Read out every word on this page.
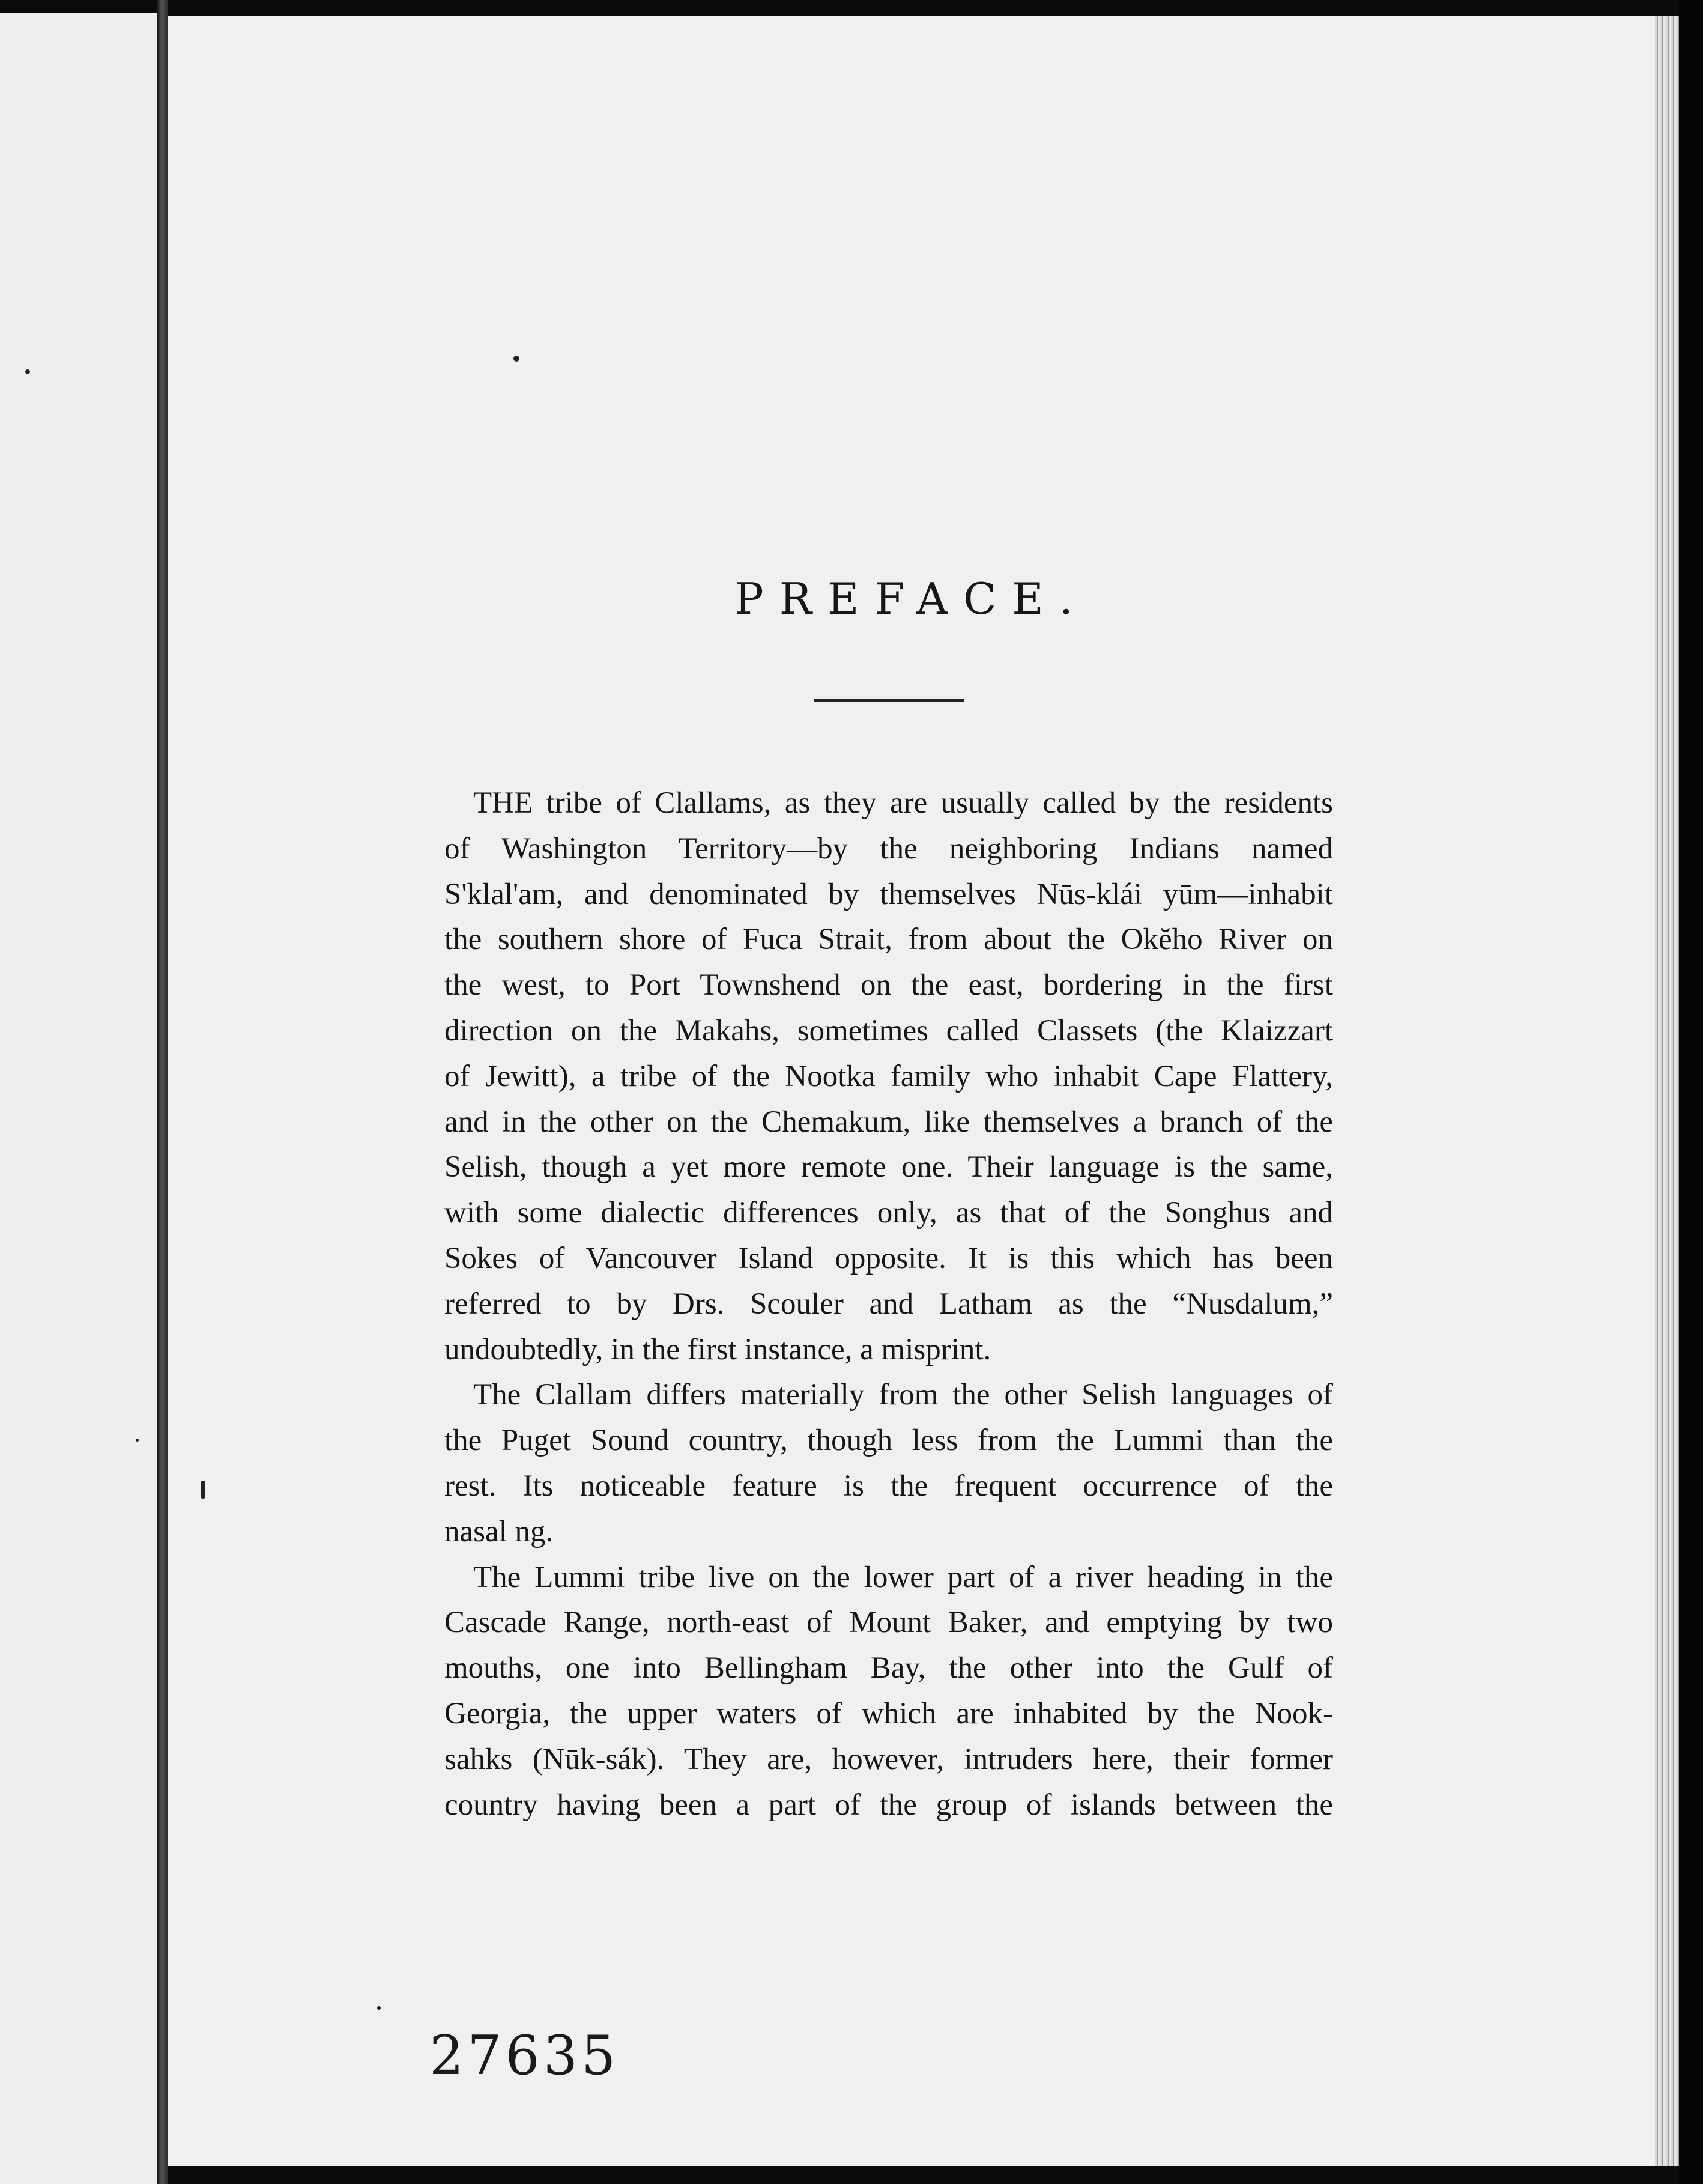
PREFACE.
THE tribe of Clallams, as they are usually called by the residents
of Washington Territory—by the neighboring Indians named
S'klal'am, and denominated by themselves Nūs-klái yūm—inhabit
the southern shore of Fuca Strait, from about the Okĕho River on
the west, to Port Townshend on the east, bordering in the first
direction on the Makahs, sometimes called Classets (the Klaizzart
of Jewitt), a tribe of the Nootka family who inhabit Cape Flattery,
and in the other on the Chemakum, like themselves a branch of the
Selish, though a yet more remote one. Their language is the same,
with some dialectic differences only, as that of the Songhus and
Sokes of Vancouver Island opposite. It is this which has been
referred to by Drs. Scouler and Latham as the “Nusdalum,”
undoubtedly, in the first instance, a misprint.
The Clallam differs materially from the other Selish languages of
the Puget Sound country, though less from the Lummi than the
rest. Its noticeable feature is the frequent occurrence of the
nasal ng.
The Lummi tribe live on the lower part of a river heading in the
Cascade Range, north-east of Mount Baker, and emptying by two
mouths, one into Bellingham Bay, the other into the Gulf of
Georgia, the upper waters of which are inhabited by the Nook-
sahks (Nūk-sák). They are, however, intruders here, their former
country having been a part of the group of islands between the
27635
